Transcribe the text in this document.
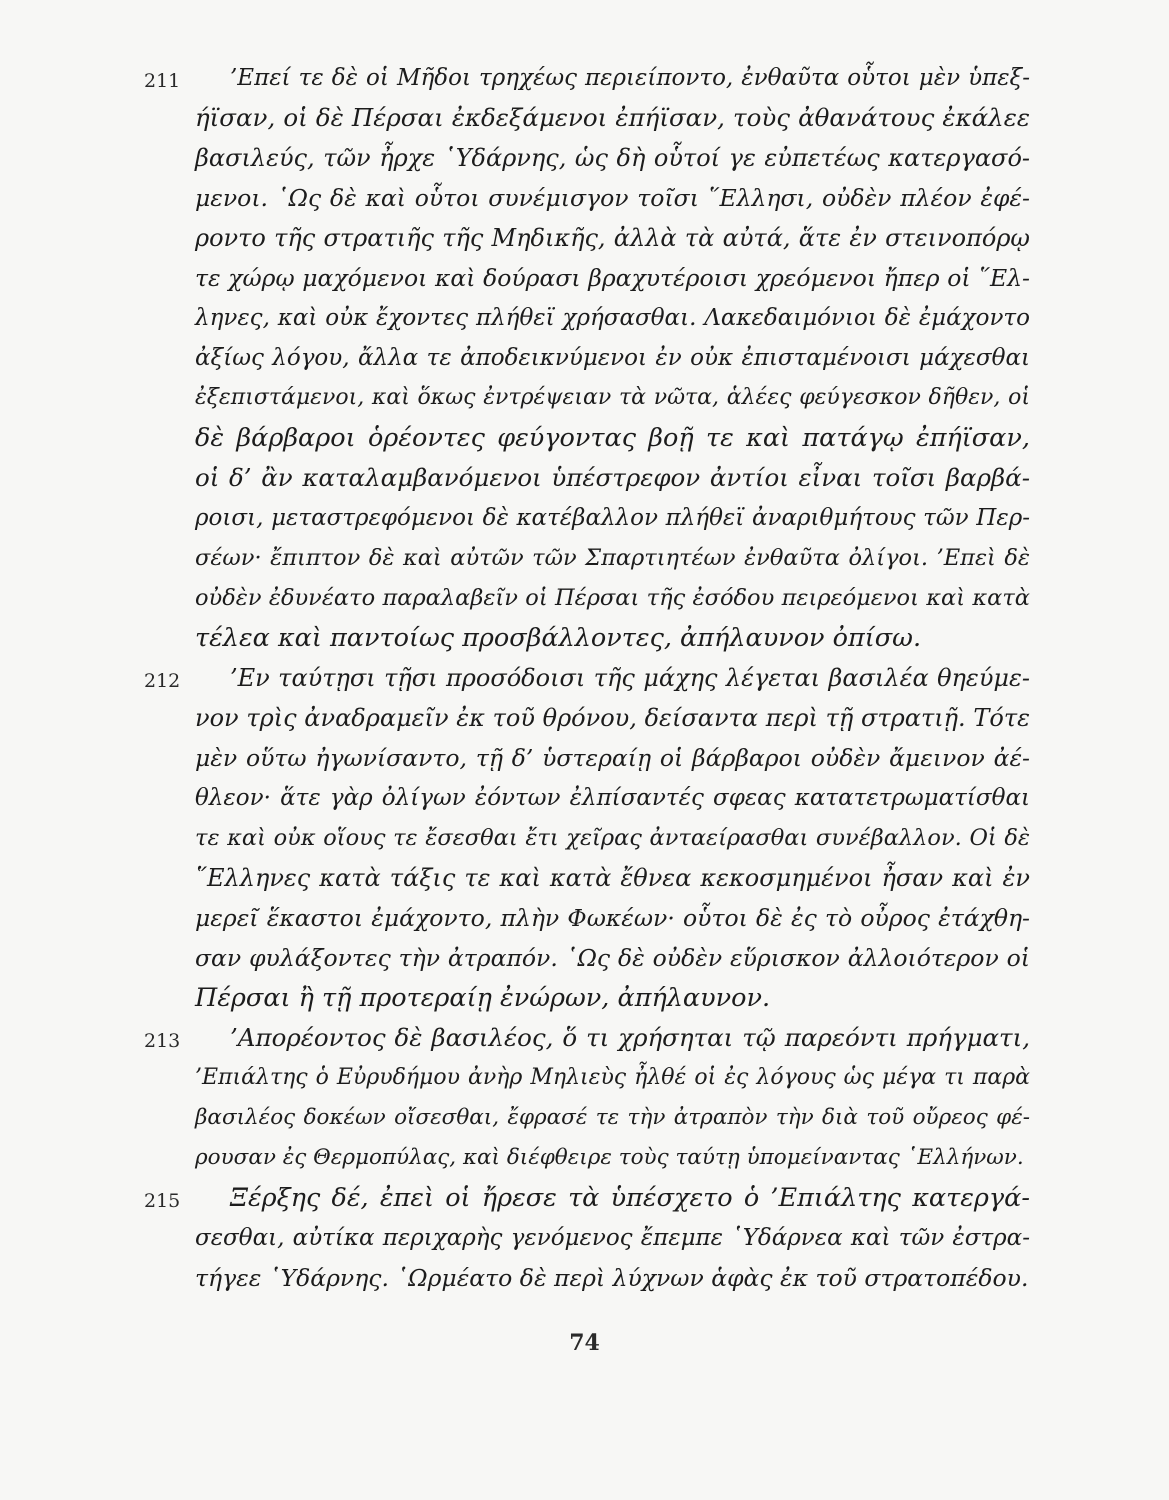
211 ’Επεί τε δὲ οἱ Μῆδοι τρηχέως περιείποντο, ἐνθαῦτα οὗτοι μὲν ὑπεξ-
ήϊσαν, οἱ δὲ Πέρσαι ἐκδεξάμενοι ἐπήϊσαν, τοὺς ἀθανάτους ἐκάλεε
βασιλεύς, τῶν ἦρχε ῾Υδάρνης, ὡς δὴ οὗτοί γε εὐπετέως κατεργασό-
μενοι. ῾Ως δὲ καὶ οὗτοι συνέμισγον τοῖσι ῞Ελλησι, οὐδὲν πλέον ἐφέ-
ροντο τῆς στρατιῆς τῆς Μηδικῆς, ἀλλὰ τὰ αὐτά, ἅτε ἐν στεινοπόρῳ
τε χώρῳ μαχόμενοι καὶ δούρασι βραχυτέροισι χρεόμενοι ἤπερ οἱ ῞Ελ-
ληνες, καὶ οὐκ ἔχοντες πλήθεϊ χρήσασθαι. Λακεδαιμόνιοι δὲ ἐμάχοντο
ἀξίως λόγου, ἄλλα τε ἀποδεικνύμενοι ἐν οὐκ ἐπισταμένοισι μάχεσθαι
ἐξεπιστάμενοι, καὶ ὅκως ἐντρέψειαν τὰ νῶτα, ἁλέες φεύγεσκον δῆθεν, οἱ
δὲ βάρβαροι ὁρέοντες φεύγοντας βοῇ τε καὶ πατάγῳ ἐπήϊσαν,
οἱ δ’ ἂν καταλαμβανόμενοι ὑπέστρεφον ἀντίοι εἶναι τοῖσι βαρβά-
ροισι, μεταστρεφόμενοι δὲ κατέβαλλον πλήθεϊ ἀναριθμήτους τῶν Περ-
σέων· ἔπιπτον δὲ καὶ αὐτῶν τῶν Σπαρτιητέων ἐνθαῦτα ὀλίγοι. ’Επεὶ δὲ
οὐδὲν ἐδυνέατο παραλαβεῖν οἱ Πέρσαι τῆς ἐσόδου πειρεόμενοι καὶ κατὰ
τέλεα καὶ παντοίως προσβάλλοντες, ἀπήλαυνον ὀπίσω.
212 ’Εν ταύτῃσι τῇσι προσόδοισι τῆς μάχης λέγεται βασιλέα θηεύμε-
νον τρὶς ἀναδραμεῖν ἐκ τοῦ θρόνου, δείσαντα περὶ τῇ στρατιῇ. Τότε
μὲν οὕτω ἠγωνίσαντο, τῇ δ’ ὑστεραίῃ οἱ βάρβαροι οὐδὲν ἄμεινον ἀέ-
θλεον· ἅτε γὰρ ὀλίγων ἐόντων ἐλπίσαντές σφεας κατατετρωματίσθαι
τε καὶ οὐκ οἵους τε ἔσεσθαι ἔτι χεῖρας ἀνταείρασθαι συνέβαλλον. Οἱ δὲ
῞Ελληνες κατὰ τάξις τε καὶ κατὰ ἔθνεα κεκοσμημένοι ἦσαν καὶ ἐν
μερεῖ ἕκαστοι ἐμάχοντο, πλὴν Φωκέων· οὗτοι δὲ ἐς τὸ οὖρος ἐτάχθη-
σαν φυλάξοντες τὴν ἀτραπόν. ῾Ως δὲ οὐδὲν εὕρισκον ἀλλοιότερον οἱ
Πέρσαι ἢ τῇ προτεραίῃ ἐνώρων, ἀπήλαυνον.
213 ’Απορέοντος δὲ βασιλέος, ὅ τι χρήσηται τῷ παρεόντι πρήγματι,
’Επιάλτης ὁ Εὐρυδήμου ἀνὴρ Μηλιεὺς ἦλθέ οἱ ἐς λόγους ὡς μέγα τι παρὰ
βασιλέος δοκέων οἴσεσθαι, ἔφρασέ τε τὴν ἀτραπὸν τὴν διὰ τοῦ οὔρεος φέ-
ρουσαν ἐς Θερμοπύλας, καὶ διέφθειρε τοὺς ταύτῃ ὑπομείναντας ῾Ελλήνων.
215 Ξέρξης δέ, ἐπεὶ οἱ ἤρεσε τὰ ὑπέσχετο ὁ ’Επιάλτης κατεργά-
σεσθαι, αὐτίκα περιχαρὴς γενόμενος ἔπεμπε ῾Υδάρνεα καὶ τῶν ἐστρα-
τήγεε ῾Υδάρνης. ῾Ωρμέατο δὲ περὶ λύχνων ἁφὰς ἐκ τοῦ στρατοπέδου.
74
